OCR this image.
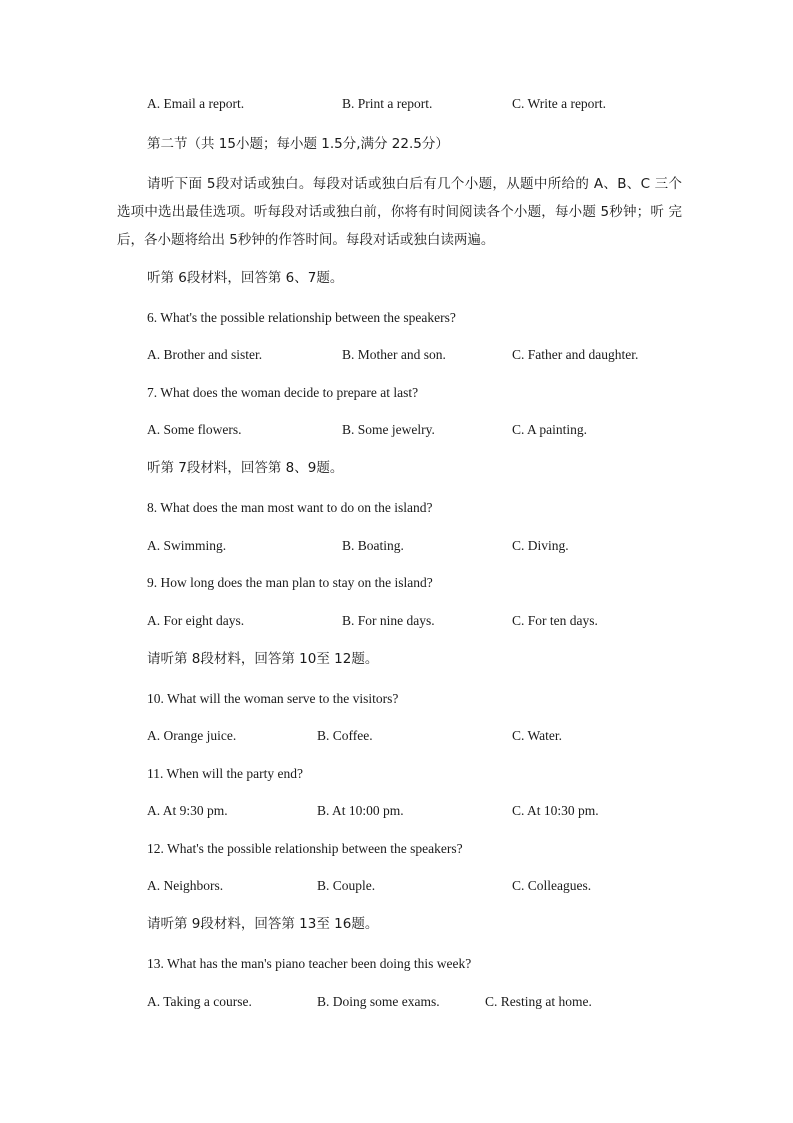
A. Email a report.	B. Print a report.	C. Write a report.
第二节（共 15小题；每小题 1.5分,满分 22.5分）
请听下面 5段对话或独白。每段对话或独白后有几个小题，从题中所给的 A、B、C 三个 选项中选出最佳选项。听每段对话或独白前，你将有时间阅读各个小题，每小题 5秒钟；听 完后，各小题将给出 5秒钟的作答时间。每段对话或独白读两遍。
听第 6段材料，回答第 6、7题。
6. What's the possible relationship between the speakers?
A. Brother and sister.	B. Mother and son.	C. Father and daughter.
7. What does the woman decide to prepare at last?
A. Some flowers.	B. Some jewelry.	C. A painting.
听第 7段材料，回答第 8、9题。
8. What does the man most want to do on the island?
A. Swimming.	B. Boating.	C. Diving.
9. How long does the man plan to stay on the island?
A. For eight days.	B. For nine days.	C. For ten days.
请听第 8段材料，回答第 10至 12题。
10. What will the woman serve to the visitors?
A. Orange juice.	B. Coffee.	C. Water.
11. When will the party end?
A. At 9:30 pm.	B. At 10:00 pm.	C. At 10:30 pm.
12. What's the possible relationship between the speakers?
A. Neighbors.	B. Couple.	C. Colleagues.
请听第 9段材料，回答第 13至 16题。
13. What has the man's piano teacher been doing this week?
A. Taking a course.	B. Doing some exams.	C. Resting at home.
